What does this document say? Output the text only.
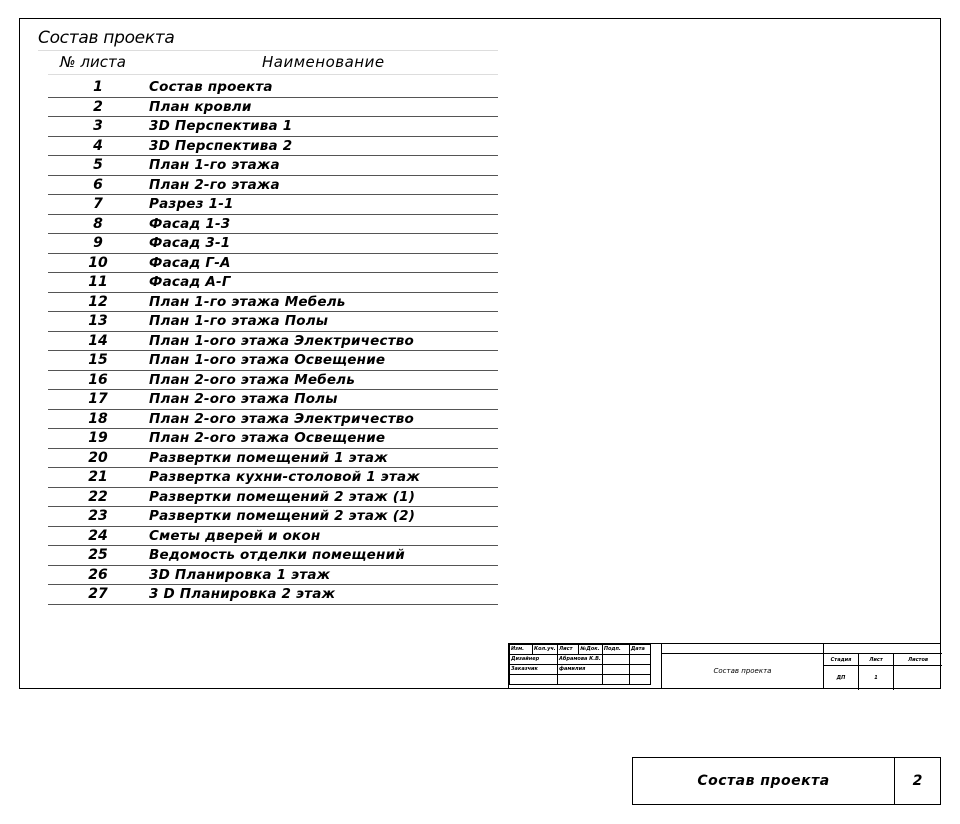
Состав проекта
№ листа	Наименование
1	Состав проекта
2	План кровли
3	3D Перспектива 1
4	3D Перспектива 2
5	План 1-го этажа
6	План 2-го этажа
7	Разрез 1-1
8	Фасад 1-3
9	Фасад 3-1
10	Фасад Г-А
11	Фасад А-Г
12	План 1-го этажа Мебель
13	План 1-го этажа Полы
14	План 1-ого этажа Электричество
15	План 1-ого этажа Освещение
16	План 2-ого этажа Мебель
17	План 2-ого этажа Полы
18	План 2-ого этажа Электричество
19	План 2-ого этажа Освещение
20	Развертки помещений 1 этаж
21	Развертка кухни-столовой 1 этаж
22	Развертки помещений 2 этаж (1)
23	Развертки помещений 2 этаж (2)
24	Сметы дверей и окон
25	Ведомость отделки помещений
26	3D Планировка 1 этаж
27	3 D Планировка 2 этаж
Изм.	Кол.уч.	Лист	№Док.	Подп.	Дата
Дизайнер		Абрамова К.В.			
Заказчик		фамилия			
				Состав проекта
Стадия	Лист	Листов
ДП	1
Состав проекта	2
